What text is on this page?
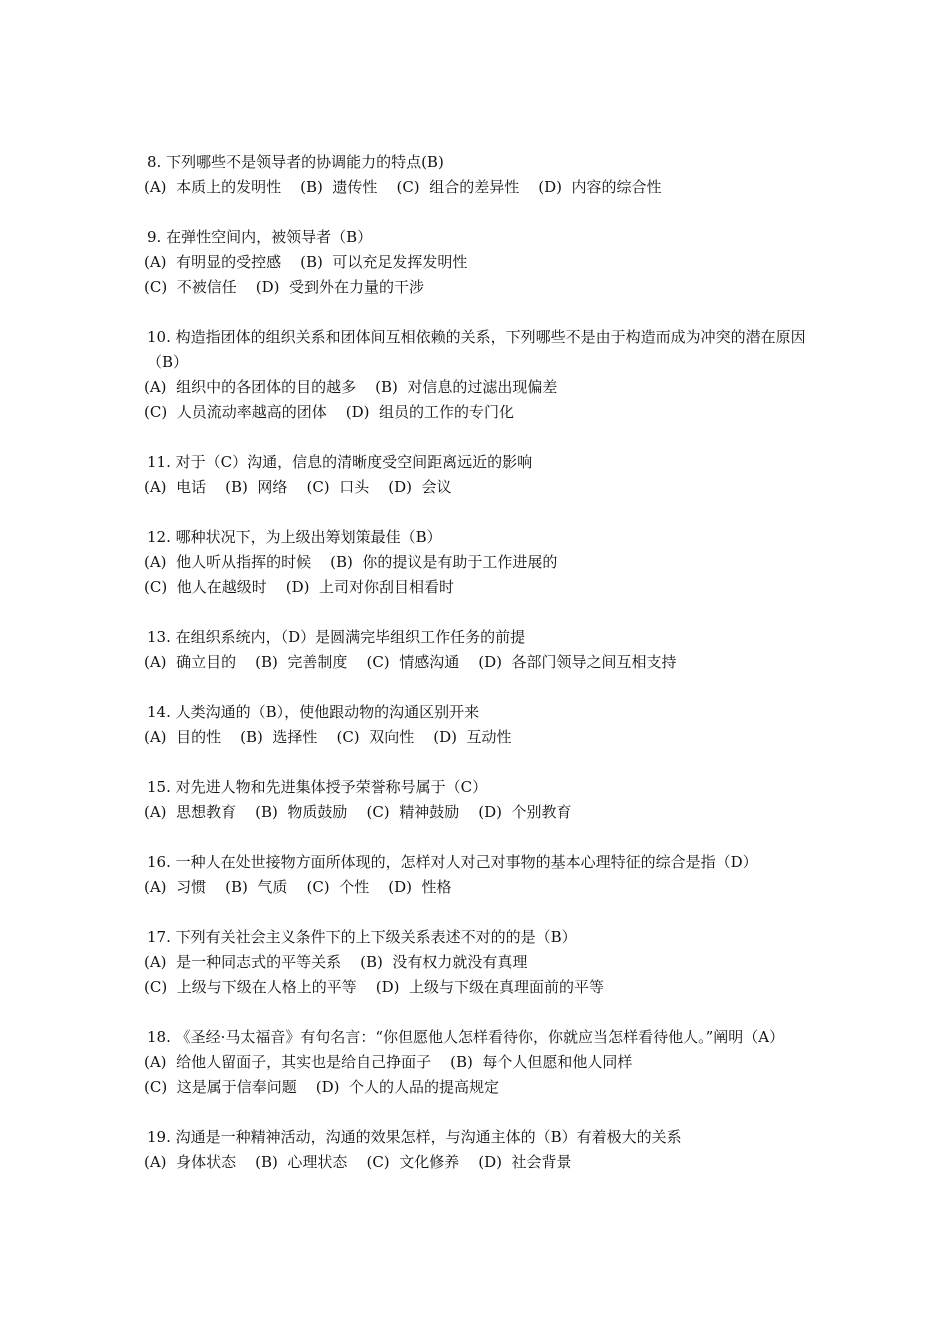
8. 下列哪些不是领导者的协调能力的特点(B)
(A)  本质上的发明性    (B)  遗传性    (C)  组合的差异性    (D)  内容的综合性
9. 在弹性空间内，被领导者（B）
(A)  有明显的受控感    (B)  可以充足发挥发明性
(C)  不被信任    (D)  受到外在力量的干涉
10. 构造指团体的组织关系和团体间互相依赖的关系，下列哪些不是由于构造而成为冲突的潜在原因（B）
(A)  组织中的各团体的目的越多    (B)  对信息的过滤出现偏差
(C)  人员流动率越高的团体    (D)  组员的工作的专门化
11. 对于（C）沟通，信息的清晰度受空间距离远近的影响
(A)  电话    (B)  网络    (C)  口头    (D)  会议
12. 哪种状况下，为上级出筹划策最佳（B）
(A)  他人听从指挥的时候    (B)  你的提议是有助于工作进展的
(C)  他人在越级时    (D)  上司对你刮目相看时
13. 在组织系统内，（D）是圆满完毕组织工作任务的前提
(A)  确立目的    (B)  完善制度    (C)  情感沟通    (D)  各部门领导之间互相支持
14. 人类沟通的（B），使他跟动物的沟通区别开来
(A)  目的性    (B)  选择性    (C)  双向性    (D)  互动性
15. 对先进人物和先进集体授予荣誉称号属于（C）
(A)  思想教育    (B)  物质鼓励    (C)  精神鼓励    (D)  个别教育
16. 一种人在处世接物方面所体现的，怎样对人对己对事物的基本心理特征的综合是指（D）
(A)  习惯    (B)  气质    (C)  个性    (D)  性格
17. 下列有关社会主义条件下的上下级关系表述不对的的是（B）
(A)  是一种同志式的平等关系    (B)  没有权力就没有真理
(C)  上级与下级在人格上的平等    (D)  上级与下级在真理面前的平等
18. 《圣经·马太福音》有句名言：“你但愿他人怎样看待你，你就应当怎样看待他人。”阐明（A）
(A)  给他人留面子，其实也是给自己挣面子    (B)  每个人但愿和他人同样
(C)  这是属于信奉问题    (D)  个人的人品的提高规定
19. 沟通是一种精神活动，沟通的效果怎样，与沟通主体的（B）有着极大的关系
(A)  身体状态    (B)  心理状态    (C)  文化修养    (D)  社会背景
